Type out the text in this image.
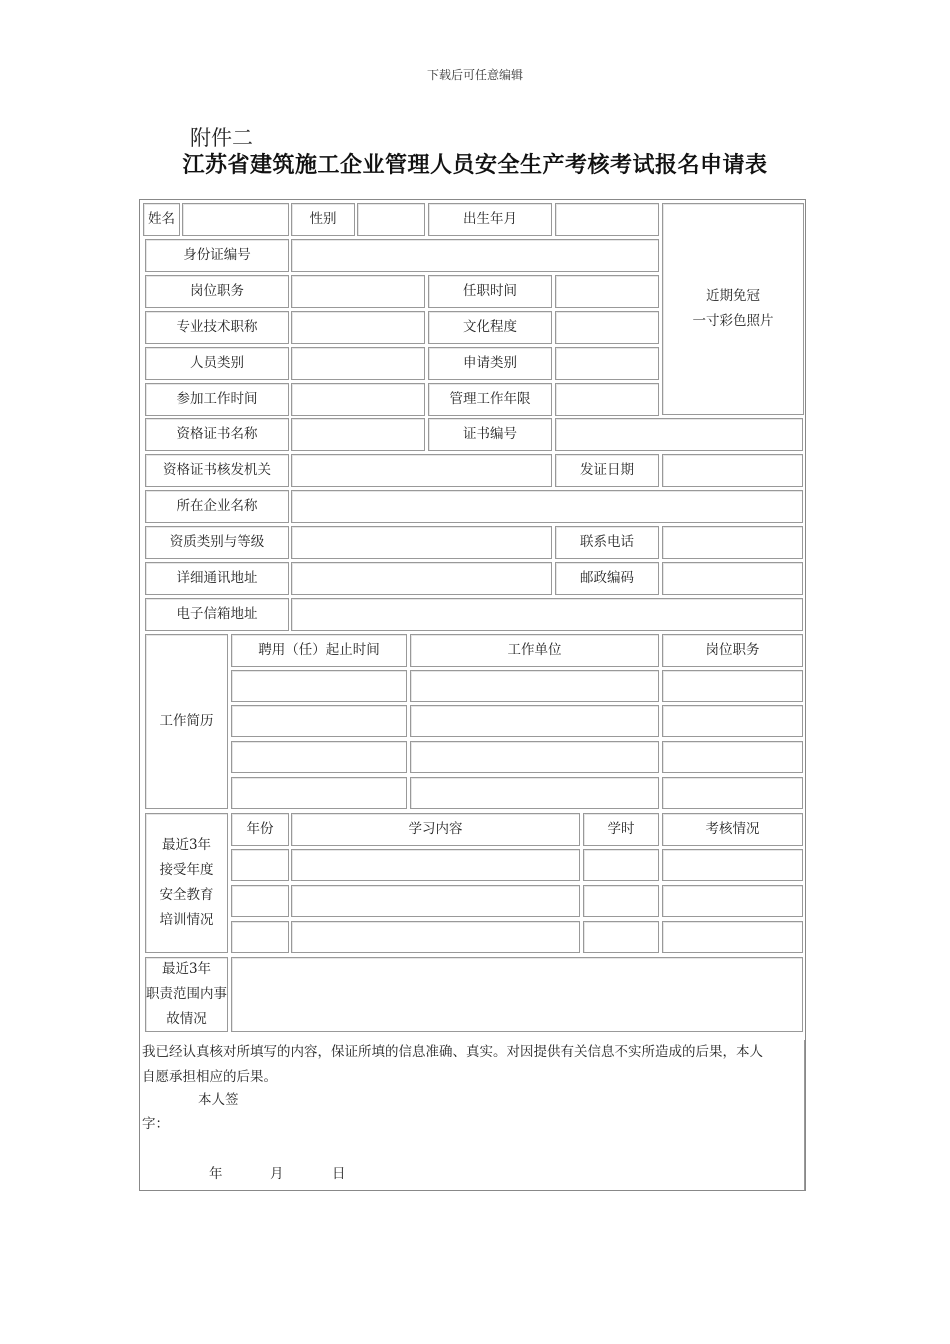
下载后可任意编辑
附件二
江苏省建筑施工企业管理人员安全生产考核考试报名申请表
姓名	性别	出生年月
近期免冠
一寸彩色照片
身份证编号
岗位职务	任职时间
专业技术职称	文化程度
人员类别	申请类别
参加工作时间	管理工作年限
资格证书名称	证书编号
资格证书核发机关	发证日期
所在企业名称
资质类别与等级	联系电话
详细通讯地址	邮政编码
电子信箱地址
工作简历
聘用（任）起止时间	工作单位	岗位职务
最近3年
接受年度
安全教育
培训情况
年份	学习内容	学时	考核情况
最近3年
职责范围内事
故情况
我已经认真核对所填写的内容，保证所填的信息准确、真实。对因提供有关信息不实所造成的后果，本人
自愿承担相应的后果。
本人签
字：
年	月	日
